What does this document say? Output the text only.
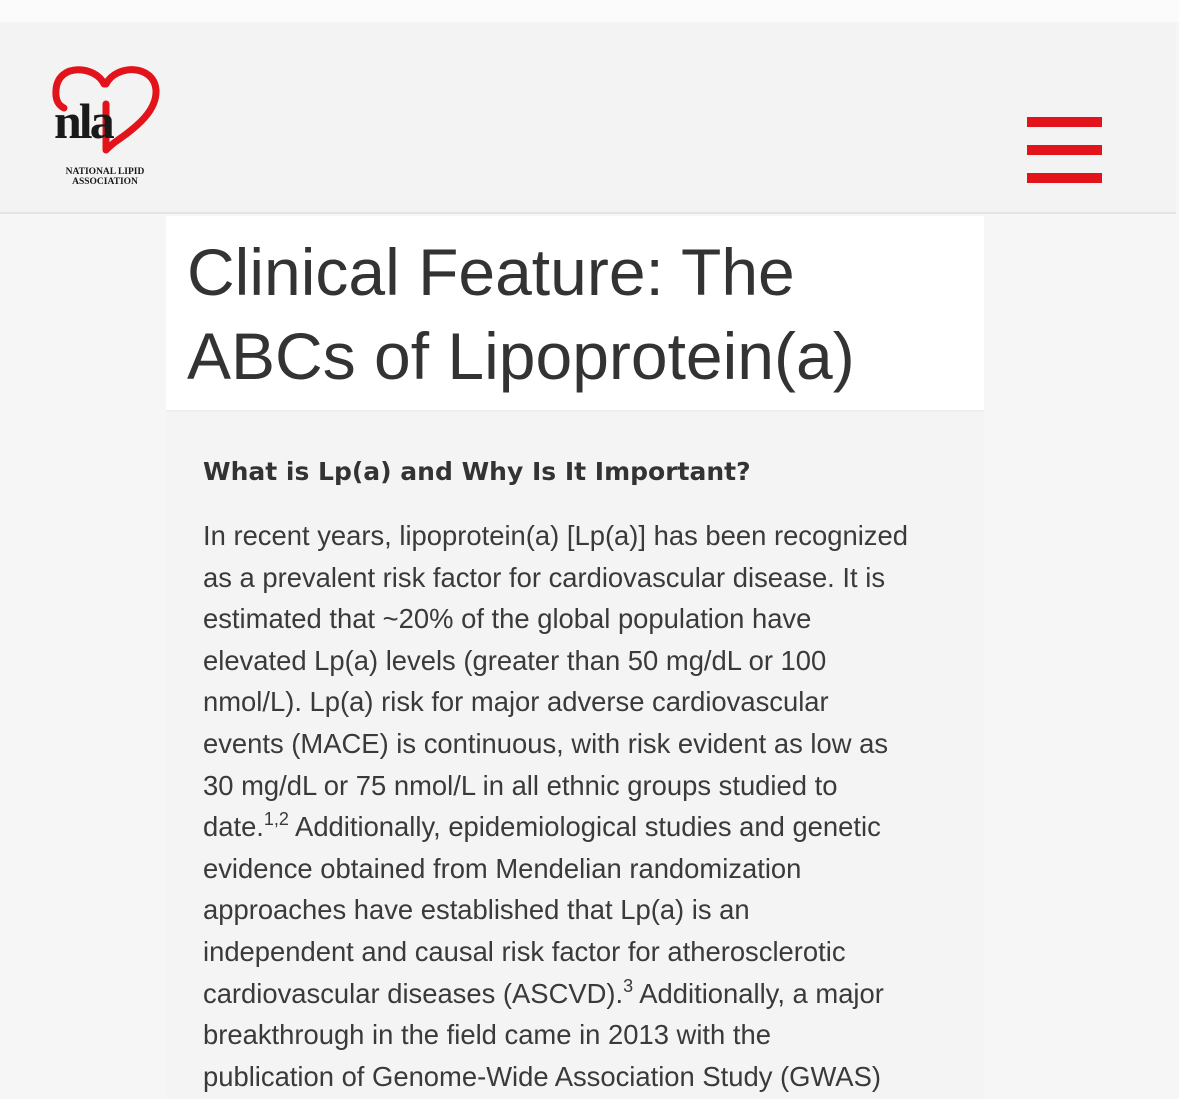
nla
NATIONAL LIPID
ASSOCIATION
Clinical Feature: The ABCs of Lipoprotein(a)
What is Lp(a) and Why Is It Important?

In recent years, lipoprotein(a) [Lp(a)] has been recognized
as a prevalent risk factor for cardiovascular disease. It is
estimated that ~20% of the global population have
elevated Lp(a) levels (greater than 50 mg/dL or 100
nmol/L). Lp(a) risk for major adverse cardiovascular
events (MACE) is continuous, with risk evident as low as
30 mg/dL or 75 nmol/L in all ethnic groups studied to
date.$^{1,2}$ Additionally, epidemiological studies and genetic
evidence obtained from Mendelian randomization
approaches have established that Lp(a) is an
independent and causal risk factor for atherosclerotic
cardiovascular diseases (ASCVD).$^3$ Additionally, a major
breakthrough in the field came in 2013 with the
publication of Genome-Wide Association Study (GWAS)
